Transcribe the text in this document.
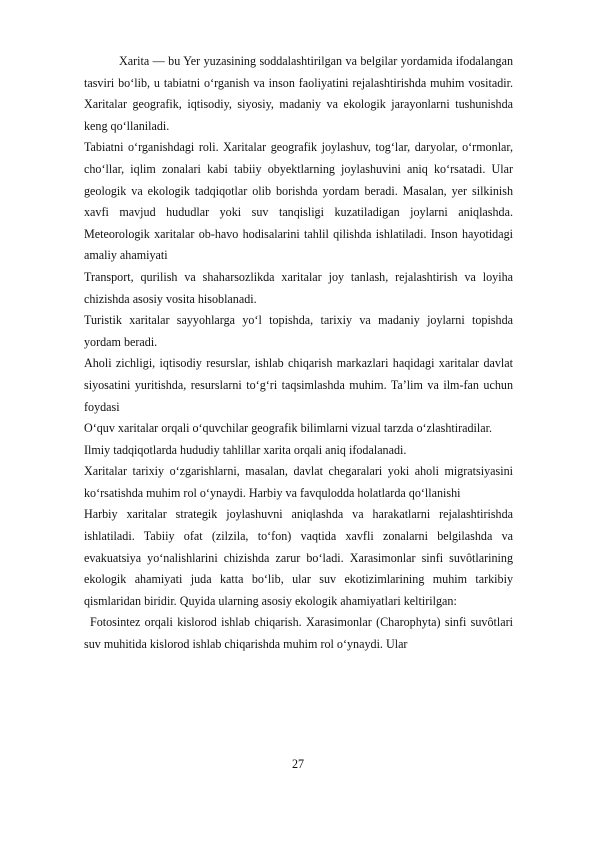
Xarita — bu Yer yuzasining soddalashtirilgan va belgilar yordamida ifodalangan tasviri bo‘lib, u tabiatni o‘rganish va inson faoliyatini rejalashtirishda muhim vositadir. Xaritalar geografik, iqtisodiy, siyosiy, madaniy va ekologik jarayonlarni tushunishda keng qo‘llaniladi.

Tabiatni o‘rganishdagi roli. Xaritalar geografik joylashuv, tog‘lar, daryolar, o‘rmonlar, cho‘llar, iqlim zonalari kabi tabiiy obyektlarning joylashuvini aniq ko‘rsatadi. Ular geologik va ekologik tadqiqotlar olib borishda yordam beradi. Masalan, yer silkinish xavfi mavjud hududlar yoki suv tanqisligi kuzatiladigan joylarni aniqlashda. Meteorologik xaritalar ob-havo hodisalarini tahlil qilishda ishlatiladi. Inson hayotidagi amaliy ahamiyati

Transport, qurilish va shaharsozlikda xaritalar joy tanlash, rejalashtirish va loyiha chizishda asosiy vosita hisoblanadi.

Turistik xaritalar sayyohlarga yo‘l topishda, tarixiy va madaniy joylarni topishda yordam beradi.

Aholi zichligi, iqtisodiy resurslar, ishlab chiqarish markazlari haqidagi xaritalar davlat siyosatini yuritishda, resurslarni to‘g‘ri taqsimlashda muhim. Ta’lim va ilm-fan uchun foydasi

O‘quv xaritalar orqali o‘quvchilar geografik bilimlarni vizual tarzda o‘zlashtiradilar.

Ilmiy tadqiqotlarda hududiy tahlillar xarita orqali aniq ifodalanadi.

Xaritalar tarixiy o‘zgarishlarni, masalan, davlat chegaralari yoki aholi migratsiyasini ko‘rsatishda muhim rol o‘ynaydi. Harbiy va favqulodda holatlarda qo‘llanishi

Harbiy xaritalar strategik joylashuvni aniqlashda va harakatlarni rejalashtirishda ishlatiladi. Tabiiy ofat (zilzila, to‘fon) vaqtida xavfli zonalarni belgilashda va evakuatsiya yo‘nalishlarini chizishda zarur bo‘ladi. Xarasimonlar sinfi suvôtlarining ekologik ahamiyati juda katta bo‘lib, ular suv ekotizimlarining muhim tarkibiy qismlaridan biridir. Quyida ularning asosiy ekologik ahamiyatlari keltirilgan:

Fotosintez orqali kislorod ishlab chiqarish. Xarasimonlar (Charophyta) sinfi suvôtlari suv muhitida kislorod ishlab chiqarishda muhim rol o‘ynaydi. Ular

27
